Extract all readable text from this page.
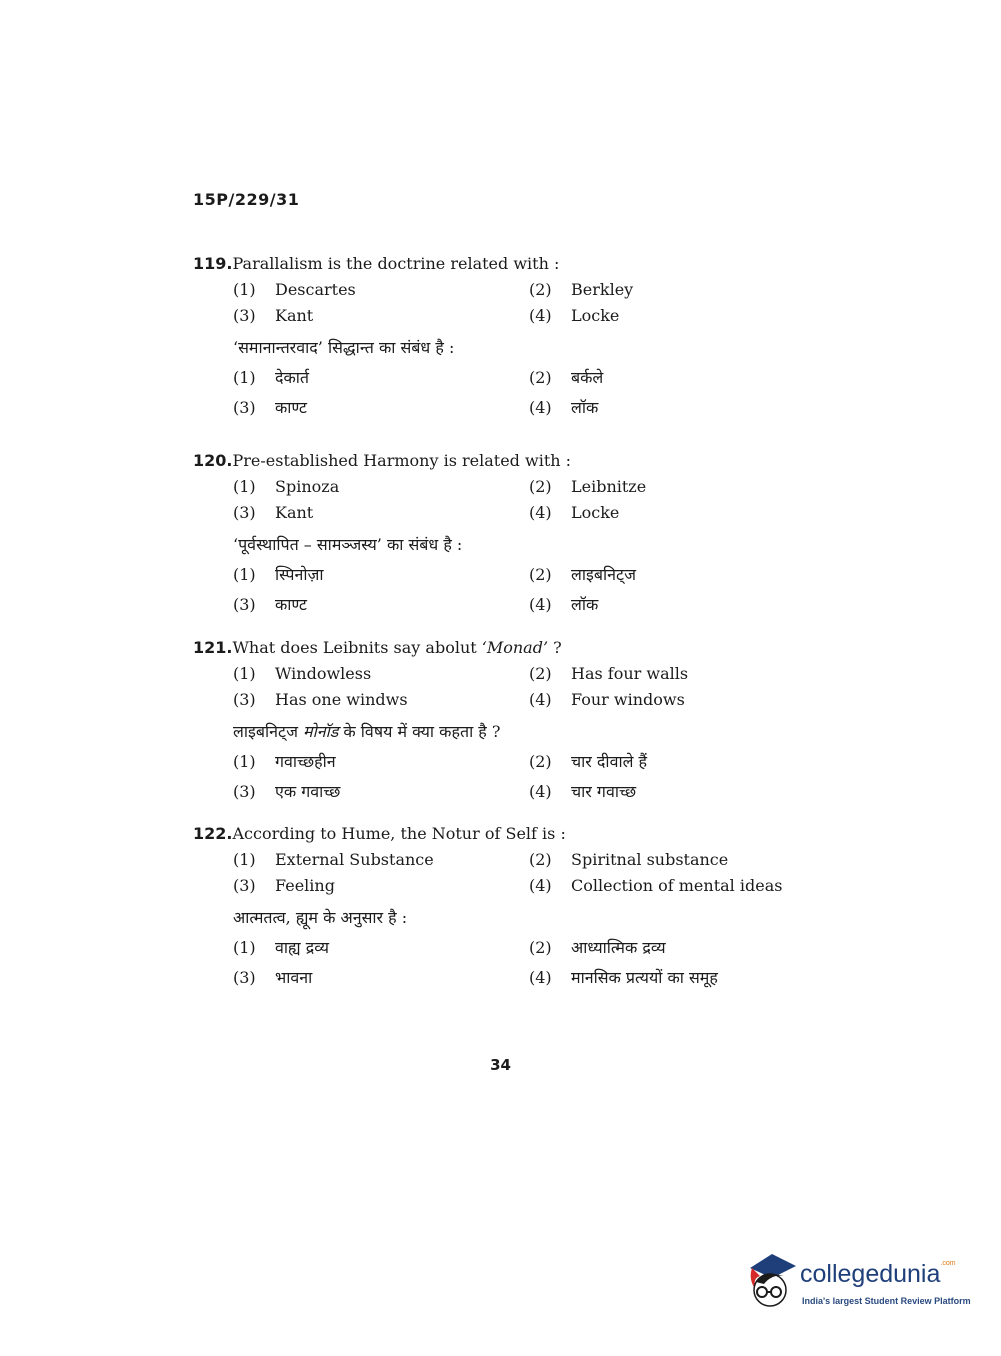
15P/229/31
119.Parallalism is the doctrine related with :
(1) Descartes	(2) Berkley
(3) Kant	(4) Locke
‘समानान्तरवाद’ सिद्धान्त का संबंध है :
(1) देकार्त	(2) बर्कले
(3) काण्ट	(4) लॉक
120.Pre-established Harmony is related with :
(1) Spinoza	(2) Leibnitze
(3) Kant	(4) Locke
‘पूर्वस्थापित – सामञ्जस्य’ का संबंध है :
(1) स्पिनोज़ा	(2) लाइबनिट्ज
(3) काण्ट	(4) लॉक
121.What does Leibnits say abolut ‘Monad’ ?
(1) Windowless	(2) Has four walls
(3) Has one windws	(4) Four windows
लाइबनिट्ज मोनॉड के विषय में क्या कहता है ?
(1) गवाच्छहीन	(2) चार दीवाले हैं
(3) एक गवाच्छ	(4) चार गवाच्छ
122.According to Hume, the Notur of Self is :
(1) External Substance	(2) Spiritnal substance
(3) Feeling	(4) Collection of mental ideas
आत्मतत्व, ह्यूम के अनुसार है :
(1) वाह्य द्रव्य	(2) आध्यात्मिक द्रव्य
(3) भावना	(4) मानसिक प्रत्ययों का समूह
34
collegedunia$^{.com}$
India's largest Student Review Platform
